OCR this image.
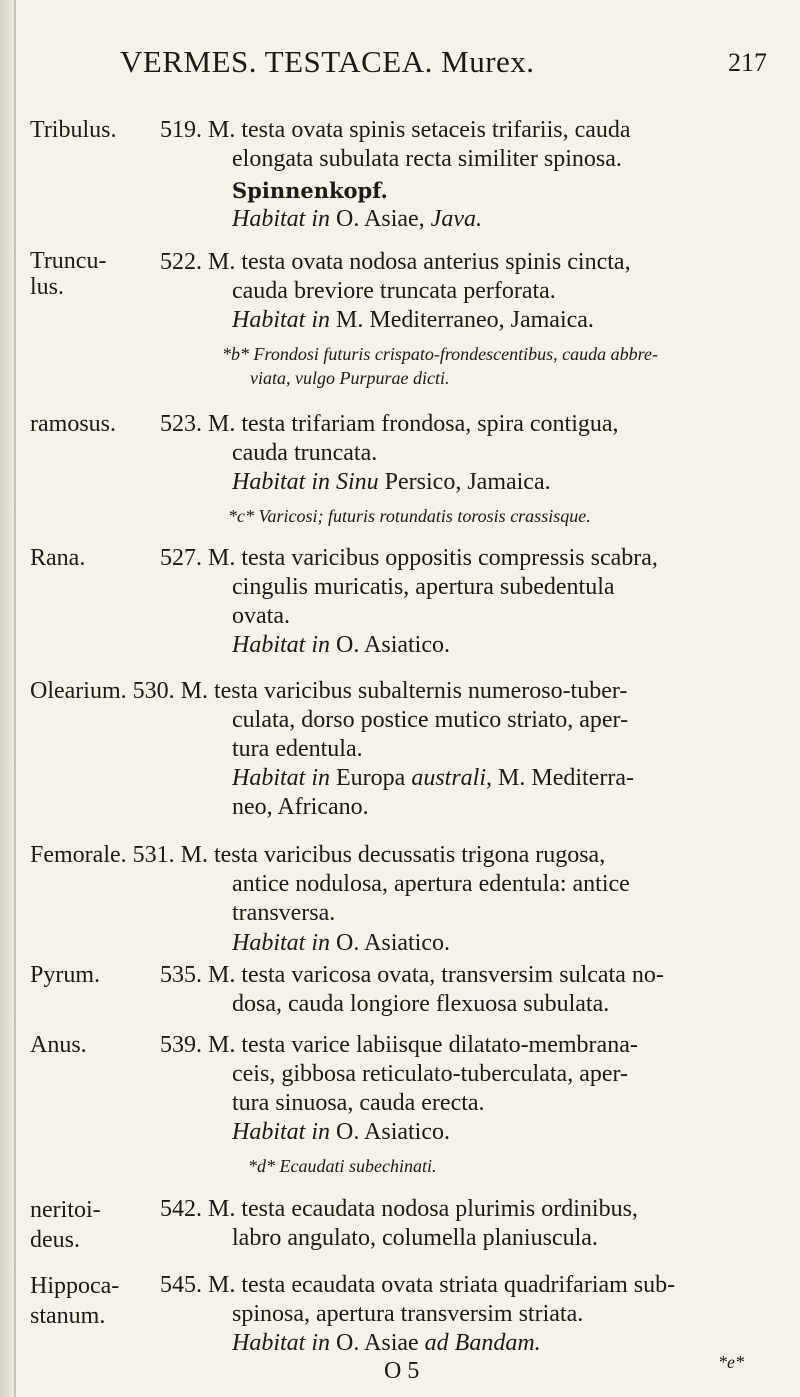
VERMES. TESTACEA. Murex.	217
Tribulus. 519. M. testa ovata spinis setaceis trifariis, cauda
elongata subulata recta similiter spinosa.
Spinnenkopf.
Habitat in O. Asiae, Java.
Truncu-
lus.
522. M. testa ovata nodosa anterius spinis cincta,
cauda breviore truncata perforata.
Habitat in M. Mediterraneo, Jamaica.
*b* Frondosi futuris crispato-frondescentibus, cauda abbre-
viata, vulgo Purpurae dicti.
ramosus. 523. M. testa trifariam frondosa, spira contigua,
cauda truncata.
Habitat in Sinu Persico, Jamaica.
*c* Varicosi; futuris rotundatis torosis crassisque.
Rana.	527. M. testa varicibus oppositis compressis scabra,
cingulis muricatis, apertura subedentula
ovata.
Habitat in O. Asiatico.
Olearium. 530. M. testa varicibus subalternis numeroso-tuber-
culata, dorso postice mutico striato, aper-
tura edentula.
Habitat in Europa australi, M. Mediterra-
neo, Africano.
Femorale. 531. M. testa varicibus decussatis trigona rugosa,
antice nodulosa, apertura edentula: antice
transversa.
Habitat in O. Asiatico.
Pyrum. 535. M. testa varicosa ovata, transversim sulcata no-
dosa, cauda longiore flexuosa subulata.
Anus.	539. M. testa varice labiisque dilatato-membrana-
ceis, gibbosa reticulato-tuberculata, aper-
tura sinuosa, cauda erecta.
Habitat in O. Asiatico.
*d* Ecaudati subechinati.
neritoi-
deus.
542. M. testa ecaudata nodosa plurimis ordinibus,
labro angulato, columella planiuscula.
Hippoca-
stanum.
545. M. testa ecaudata ovata striata quadrifariam sub-
spinosa, apertura transversim striata.
Habitat in O. Asiae ad Bandam.
O 5	*e*
